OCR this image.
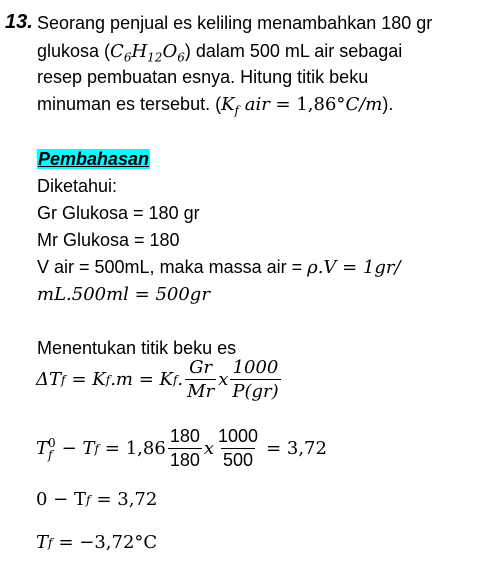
13. Seorang penjual es keliling menambahkan 180 gr
glukosa $(C_6H_{12}O_6)$ dalam 500 mL air sebagai
resep pembuatan esnya. Hitung titik beku
minuman es tersebut. ($K_f$ air = 1,86°C/m).
Pembahasan
Diketahui:
Gr Glukosa = 180 gr
Mr Glukosa = 180
V air = 500mL, maka massa air = ρ.V = 1gr/
mL.500ml = 500gr
Menentukan titik beku es
ΔT f = K f .m = K f . $\frac{Gr}{Mr}$ x $\frac{1000}{P(gr)}$
T 0
f − T $f = 1,86 \frac{180}{180}$ x $\frac{1000}{500} = 3,72$
0 − T f = 3,72
T f = −3,72°C
